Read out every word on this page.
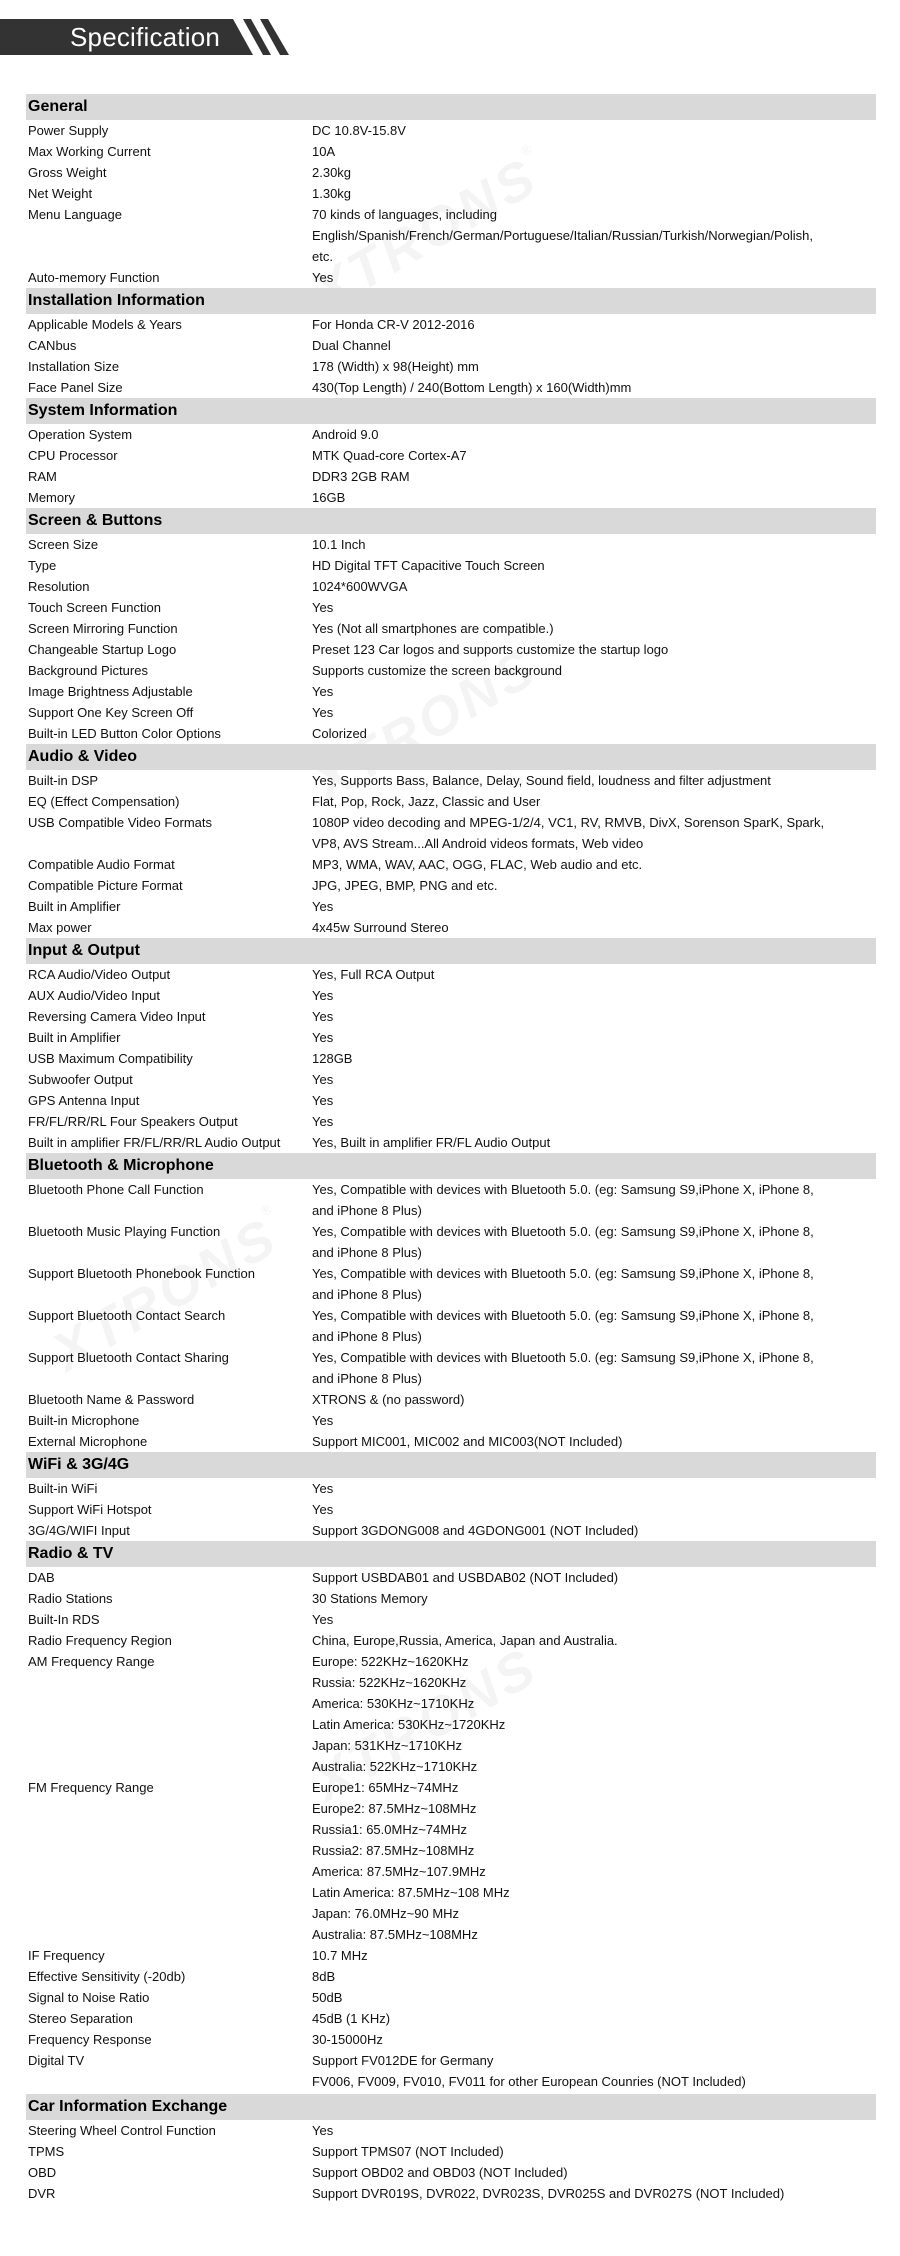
Specification
General
Power Supply	DC 10.8V-15.8V
Max Working Current	10A
Gross Weight	2.30kg
Net Weight	1.30kg
Menu Language	70 kinds of languages, including
English/Spanish/French/German/Portuguese/Italian/Russian/Turkish/Norwegian/Polish,
etc.
Auto-memory Function	Yes
Installation Information
Applicable Models & Years	For Honda CR-V 2012-2016
CANbus	Dual Channel
Installation Size	178 (Width) x 98(Height) mm
Face Panel Size	430(Top Length) / 240(Bottom Length) x 160(Width)mm
System Information
Operation System	Android 9.0
CPU Processor	MTK Quad-core Cortex-A7
RAM	DDR3 2GB RAM
Memory	16GB
Screen & Buttons
Screen Size	10.1 Inch
Type	HD Digital TFT Capacitive Touch Screen
Resolution	1024*600WVGA
Touch Screen Function	Yes
Screen Mirroring Function	Yes (Not all smartphones are compatible.)
Changeable Startup Logo	Preset 123 Car logos and supports customize the startup logo
Background Pictures	Supports customize the screen background
Image Brightness Adjustable	Yes
Support One Key Screen Off	Yes
Built-in LED Button Color Options	Colorized
Audio & Video
Built-in DSP	Yes, Supports Bass, Balance, Delay, Sound field, loudness and filter adjustment
EQ (Effect Compensation)	Flat, Pop, Rock, Jazz, Classic and User
USB Compatible Video Formats	1080P video decoding and MPEG-1/2/4, VC1, RV, RMVB, DivX, Sorenson SparK, Spark,
VP8, AVS Stream...All Android videos formats, Web video
Compatible Audio Format	MP3, WMA, WAV, AAC, OGG, FLAC, Web audio and etc.
Compatible Picture Format	JPG, JPEG, BMP, PNG and etc.
Built in Amplifier	Yes
Max power	4x45w Surround Stereo
Input & Output
RCA Audio/Video Output	Yes, Full RCA Output
AUX Audio/Video Input	Yes
Reversing Camera Video Input	Yes
Built in Amplifier	Yes
USB Maximum Compatibility	128GB
Subwoofer Output	Yes
GPS Antenna Input	Yes
FR/FL/RR/RL Four Speakers Output	Yes
Built in amplifier FR/FL/RR/RL Audio Output	Yes, Built in amplifier FR/FL Audio Output
Bluetooth & Microphone
Bluetooth Phone Call Function	Yes, Compatible with devices with Bluetooth 5.0. (eg: Samsung S9,iPhone X, iPhone 8,
and iPhone 8 Plus)
Bluetooth Music Playing Function	Yes, Compatible with devices with Bluetooth 5.0. (eg: Samsung S9,iPhone X, iPhone 8,
and iPhone 8 Plus)
Support Bluetooth Phonebook Function	Yes, Compatible with devices with Bluetooth 5.0. (eg: Samsung S9,iPhone X, iPhone 8,
and iPhone 8 Plus)
Support Bluetooth Contact Search	Yes, Compatible with devices with Bluetooth 5.0. (eg: Samsung S9,iPhone X, iPhone 8,
and iPhone 8 Plus)
Support Bluetooth Contact Sharing	Yes, Compatible with devices with Bluetooth 5.0. (eg: Samsung S9,iPhone X, iPhone 8,
and iPhone 8 Plus)
Bluetooth Name & Password	XTRONS & (no password)
Built-in Microphone	Yes
External Microphone	Support MIC001, MIC002 and MIC003(NOT Included)
WiFi & 3G/4G
Built-in WiFi	Yes
Support WiFi Hotspot	Yes
3G/4G/WIFI Input	Support 3GDONG008 and 4GDONG001 (NOT Included)
Radio & TV
DAB	Support USBDAB01 and USBDAB02 (NOT Included)
Radio Stations	30 Stations Memory
Built-In RDS	Yes
Radio Frequency Region	China, Europe,Russia, America, Japan and Australia.
AM Frequency Range	Europe: 522KHz~1620KHz
Russia: 522KHz~1620KHz
America: 530KHz~1710KHz
Latin America: 530KHz~1720KHz
Japan: 531KHz~1710KHz
Australia: 522KHz~1710KHz
FM Frequency Range	Europe1: 65MHz~74MHz
Europe2: 87.5MHz~108MHz
Russia1: 65.0MHz~74MHz
Russia2: 87.5MHz~108MHz
America: 87.5MHz~107.9MHz
Latin America: 87.5MHz~108 MHz
Japan: 76.0MHz~90 MHz
Australia: 87.5MHz~108MHz
IF Frequency	10.7 MHz
Effective Sensitivity (-20db)	8dB
Signal to Noise Ratio	50dB
Stereo Separation	45dB (1 KHz)
Frequency Response	30-15000Hz
Digital TV	Support FV012DE for Germany
FV006, FV009, FV010, FV011 for other European Counries (NOT Included)
Car Information Exchange
Steering Wheel Control Function	Yes
TPMS	Support TPMS07 (NOT Included)
OBD	Support OBD02 and OBD03 (NOT Included)
DVR	Support DVR019S, DVR022, DVR023S, DVR025S and DVR027S (NOT Included)
